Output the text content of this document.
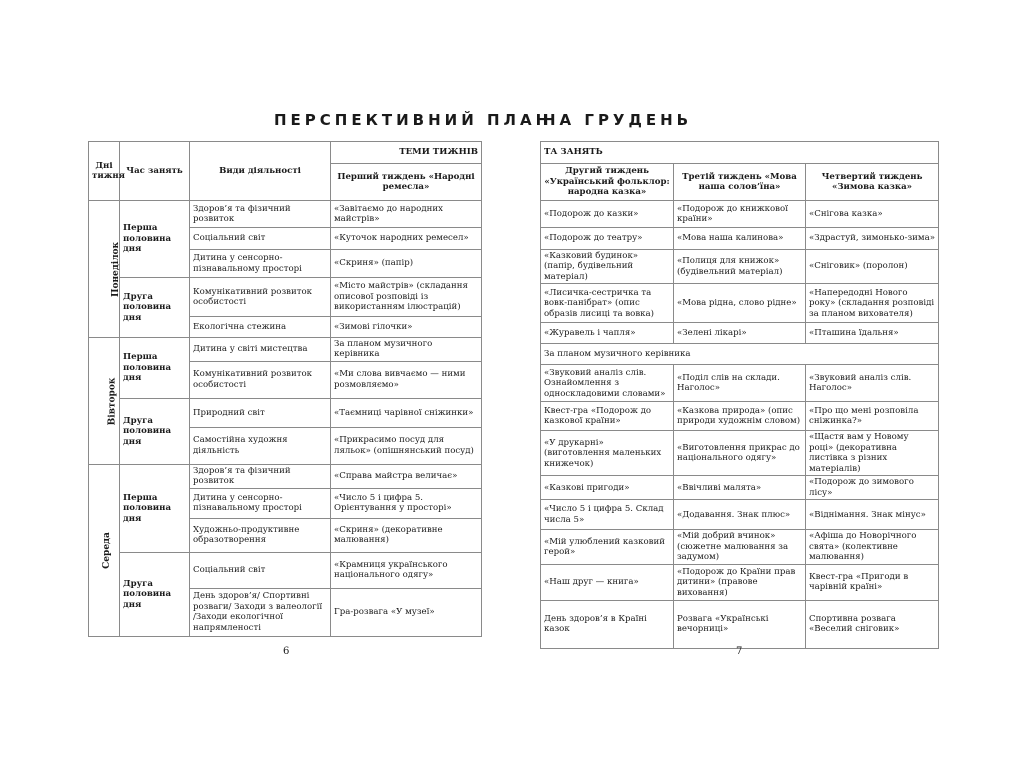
ПЕРСПЕКТИВНИЙ ПЛАН
НА ГРУДЕНЬ
Дні тижня	Час занять	Види діяльності	ТЕМИ ТИЖНІВ
			Перший тиждень «Народні ремесла»
Понеділок	Перша половина дня	Здоров’я та фізичний розвиток	«Завітаємо до народних майстрів»
		Соціальний світ	«Куточок народних ремесел»
		Дитина у сенсорно-пізнавальному просторі	«Скриня» (папір)
	Друга половина дня	Комунікативний розвиток особистості	«Місто майстрів» (складання описової розповіді із використанням ілюстрацій)
		Екологічна стежина	«Зимові гілочки»
Вівторок	Перша половина дня	Дитина у світі мистецтва	За планом музичного керівника
		Комунікативний розвиток особистості	«Ми слова вивчаємо — ними розмовляємо»
	Друга половина дня	Природний світ	«Таємниці чарівної сніжинки»
		Самостійна художня діяльність	«Прикрасимо посуд для ляльок» (опішнянський посуд)
Середа	Перша половина дня	Здоров’я та фізичний розвиток	«Справа майстра величає»
		Дитина у сенсорно-пізнавальному просторі	«Число 5 і цифра 5. Орієнтування у просторі»
		Художньо-продуктивне образотворення	«Скриня» (декоративне малювання)
	Друга половина дня	Соціальний світ	«Крамниця українського національного одягу»
		День здоров’я/ Спортивні розваги/ Заходи з валеології /Заходи екологічної напрямленості	Гра-розвага «У музеї»
ТА ЗАНЯТЬ		
Другий тиждень «Український фольклор: народна казка»	Третій тиждень «Мова наша солов’їна»	Четвертий тиждень «Зимова казка»
«Подорож до казки»	«Подорож до книжкової країни»	«Снігова казка»
«Подорож до театру»	«Мова наша калинова»	«Здрастуй, зимонько-зима»
«Казковий будинок» (папір, будівельний матеріал)	«Полиця для книжок» (будівельний матеріал)	«Сніговик» (поролон)
«Лисичка-сестричка та вовк-панібрат» (опис образів лисиці та вовка)	«Мова рідна, слово рідне»	«Напередодні Нового року» (складання розповіді за планом вихователя)
«Журавель і чапля»	«Зелені лікарі»	«Пташина їдальня»
За планом музичного керівника		
«Звуковий аналіз слів. Ознайомлення з односкладовими словами»	«Поділ слів на склади. Наголос»	«Звуковий аналіз слів. Наголос»
Квест-гра «Подорож до казкової країни»	«Казкова природа» (опис природи художнім словом)	«Про що мені розповіла сніжинка?»
«У друкарні» (виготовлення маленьких книжечок)	«Виготовлення прикрас до національного одягу»	«Щастя вам у Новому році» (декоративна листівка з різних матеріалів)
«Казкові пригоди»	«Ввічливі малята»	«Подорож до зимового лісу»
«Число 5 і цифра 5. Склад числа 5»	«Додавання. Знак плюс»	«Віднімання. Знак мінус»
«Мій улюблений казковий герой»	«Мій добрий вчинок» (сюжетне малювання за задумом)	«Афіша до Новорічного свята» (колективне малювання)
«Наш друг — книга»	«Подорож до Країни прав дитини» (правове виховання)	Квест-гра «Пригоди в чарівній країні»
День здоров’я в Країні казок	Розвага «Українські вечорниці»	Спортивна розвага «Веселий сніговик»
6	7
